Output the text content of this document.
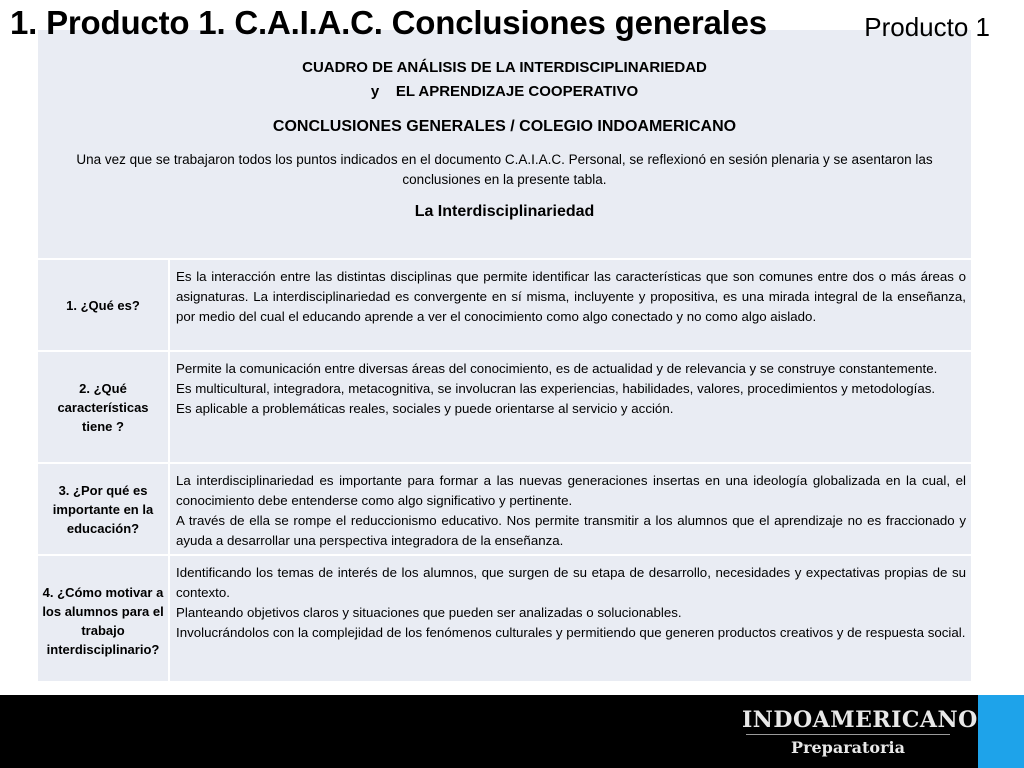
1. Producto 1. C.A.I.A.C. Conclusiones generales	Producto 1
CUADRO DE ANÁLISIS DE LA INTERDISCIPLINARIEDAD
y    EL APRENDIZAJE COOPERATIVO
CONCLUSIONES GENERALES / COLEGIO INDOAMERICANO
Una vez que se trabajaron todos los puntos indicados en el documento C.A.I.A.C. Personal, se reflexionó en sesión plenaria y se asentaron las conclusiones en la presente tabla.
La Interdisciplinariedad
1. ¿Qué es?

Es la interacción entre las distintas disciplinas que permite identificar las características que son comunes entre dos o más áreas o asignaturas. La interdisciplinariedad es convergente en sí misma, incluyente y propositiva, es una mirada integral de la enseñanza, por medio del cual el educando aprende a ver el conocimiento como algo conectado y no como algo aislado.

2. ¿Qué características tiene ?

Permite la comunicación entre diversas áreas del conocimiento, es de actualidad y de relevancia y se construye constantemente.

Es multicultural, integradora, metacognitiva, se involucran las experiencias, habilidades, valores, procedimientos y metodologías.

Es aplicable a problemáticas reales, sociales y puede orientarse al servicio y acción.

3. ¿Por qué es importante en la educación?

La interdisciplinariedad es importante para formar a las nuevas generaciones insertas en una ideología globalizada en la cual, el conocimiento debe entenderse como algo significativo y pertinente.

A través de ella se rompe el reduccionismo educativo. Nos permite transmitir a los alumnos que el aprendizaje no es fraccionado y ayuda a desarrollar una perspectiva integradora de la enseñanza.

4. ¿Cómo motivar a los alumnos para el trabajo interdisciplinario?

Identificando los temas de interés de los alumnos, que surgen de su etapa de desarrollo, necesidades y expectativas propias de su contexto.

Planteando objetivos claros y situaciones que pueden ser analizadas o solucionables.

Involucrándolos con la complejidad de los fenómenos culturales y permitiendo que generen productos creativos y de respuesta social.

INDOAMERICANO
Preparatoria
